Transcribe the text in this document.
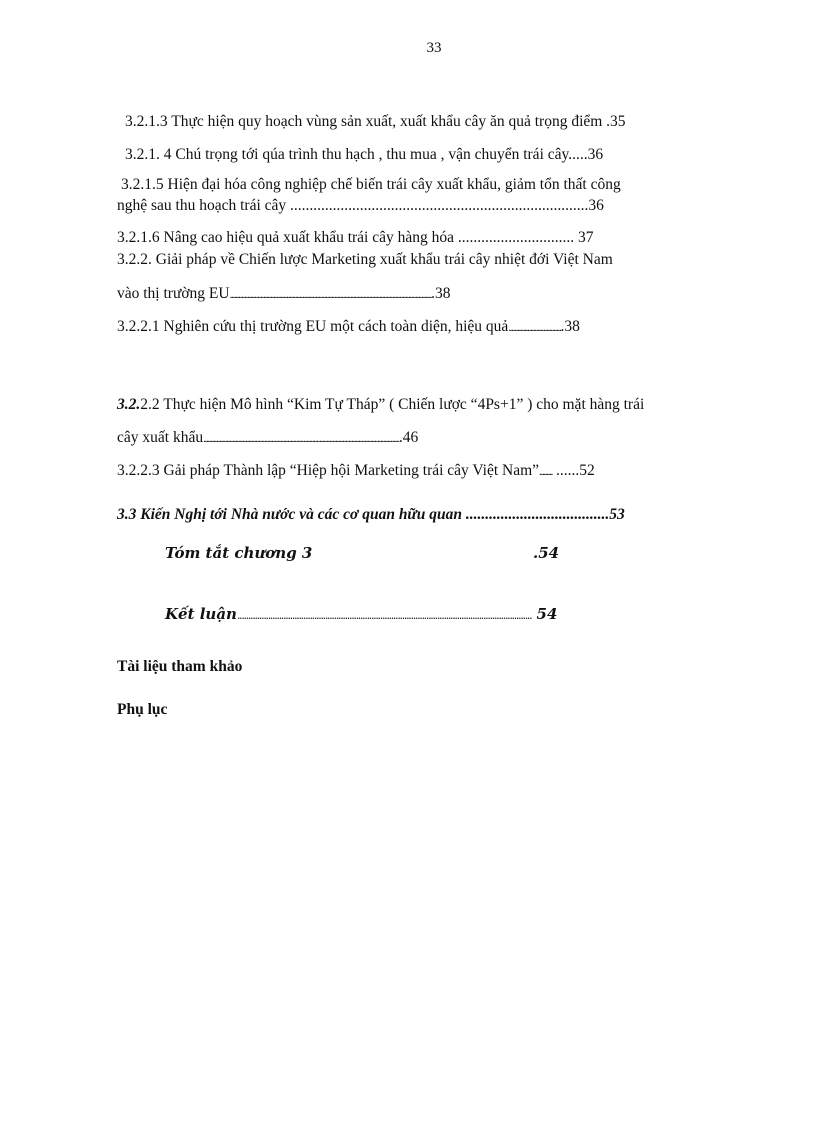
33
3.2.1.3 Thực hiện quy hoạch vùng sản xuất, xuất khẩu cây ăn quả trọng điểm .35
3.2.1. 4 Chú trọng tới qúa trình thu hạch , thu mua , vận chuyển trái cây.....36
3.2.1.5 Hiện đại hóa công nghiệp chế biến trái cây xuất khẩu, giảm tổn thất công
nghệ sau thu hoạch trái cây .............................................................................36
3.2.1.6 Nâng cao hiệu quả xuất khẩu trái cây hàng hóa .............................. 37
3.2.2. Giải pháp về Chiến lược Marketing xuất khẩu trái cây nhiệt đới Việt Nam
vào thị trường EU............................................................................................................................................38
3.2.2.1 Nghiên cứu thị trường EU một cách toàn diện, hiệu quả.....................................38
3.2.2.2 Thực hiện Mô hình “Kim Tự Tháp” ( Chiến lược “4Ps+1” ) cho mặt hàng trái
cây xuất khẩu........................................................................................................................................46
3.2.2.3 Gải pháp Thành lập “Hiệp hội Marketing trái cây Việt Nam”......... ......52
3.3 Kiến Nghị tới Nhà nước và các cơ quan hữu quan .....................................53
Tóm tắt chương 3	.54
Kết luận...................................................................................................................................... 54
Tài liệu tham khảo
Phụ lục
